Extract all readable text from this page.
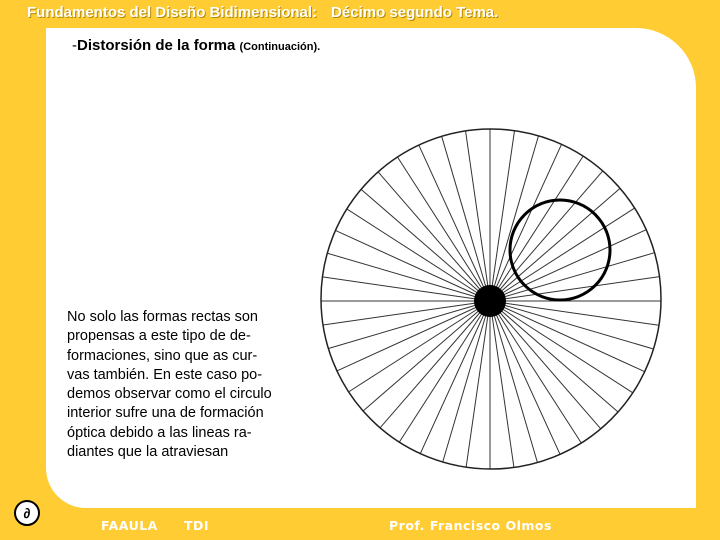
Fundamentos del Diseño Bidimensional: Décimo segundo Tema.
-Distorsión de la forma (Continuación).
No solo las formas rectas son
propensas a este tipo de de-
formaciones, sino que as cur-
vas también. En este caso po-
demos observar como el circulo
interior sufre una de formación
óptica debido a las lineas ra-
diantes que la atraviesan
∂
FAAULA TDI	Prof. Francisco Olmos
